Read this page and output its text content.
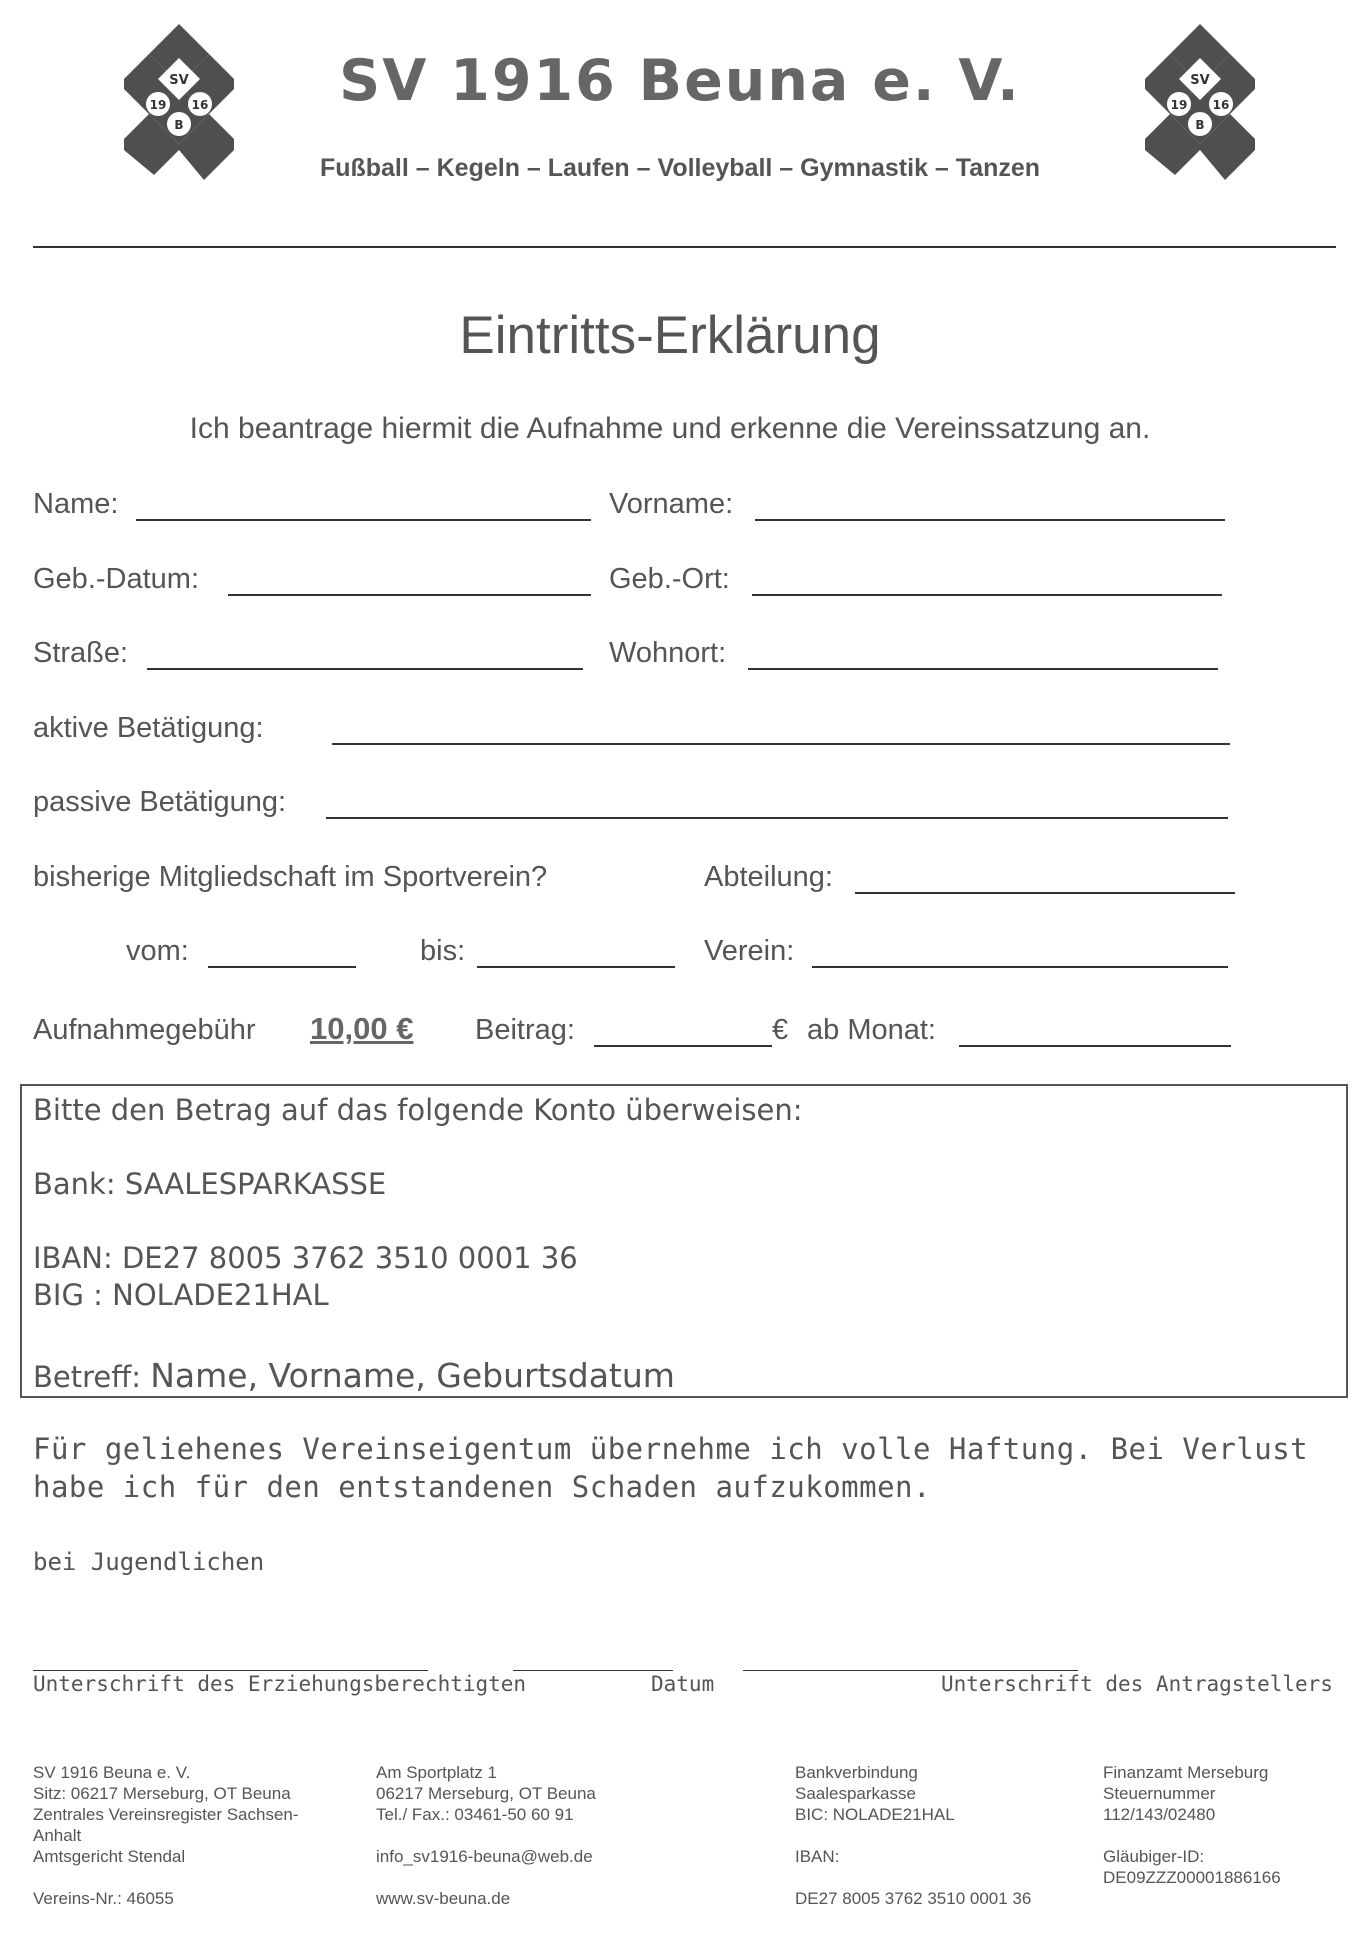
SV
19 16
B
SV
19 16
B
SV 1916 Beuna e. V.
Fußball – Kegeln – Laufen – Volleyball – Gymnastik – Tanzen
Eintritts-Erklärung
Ich beantrage hiermit die Aufnahme und erkenne die Vereinssatzung an.
Name:	Vorname:
Geb.-Datum:	Geb.-Ort:
Straße:	Wohnort:
aktive Betätigung:
passive Betätigung:
bisherige Mitgliedschaft im Sportverein?	Abteilung:
vom:	bis:	Verein:
Aufnahmegebühr 10,00 € Beitrag:	€ ab Monat:
Bitte den Betrag auf das folgende Konto überweisen:
Bank: SAALESPARKASSE
IBAN: DE27 8005 3762 3510 0001 36
BIG : NOLADE21HAL
Betreff: Name, Vorname, Geburtsdatum
Für geliehenes Vereinseigentum übernehme ich volle Haftung. Bei Verlust habe ich für den entstandenen Schaden aufzukommen.
bei Jugendlichen
Unterschrift des Erziehungsberechtigten	Datum	Unterschrift des Antragstellers
SV 1916 Beuna e. V.
Sitz: 06217 Merseburg, OT Beuna
Zentrales Vereinsregister Sachsen-
Anhalt
Amtsgericht Stendal
Vereins-Nr.: 46055
Am Sportplatz 1
06217 Merseburg, OT Beuna
Tel./ Fax.: 03461-50 60 91
info_sv1916-beuna@web.de
www.sv-beuna.de
Bankverbindung
Saalesparkasse
BIC: NOLADE21HAL
IBAN:
DE27 8005 3762 3510 0001 36
Finanzamt Merseburg
Steuernummer
112/143/02480
Gläubiger-ID:
DE09ZZZ00001886166
